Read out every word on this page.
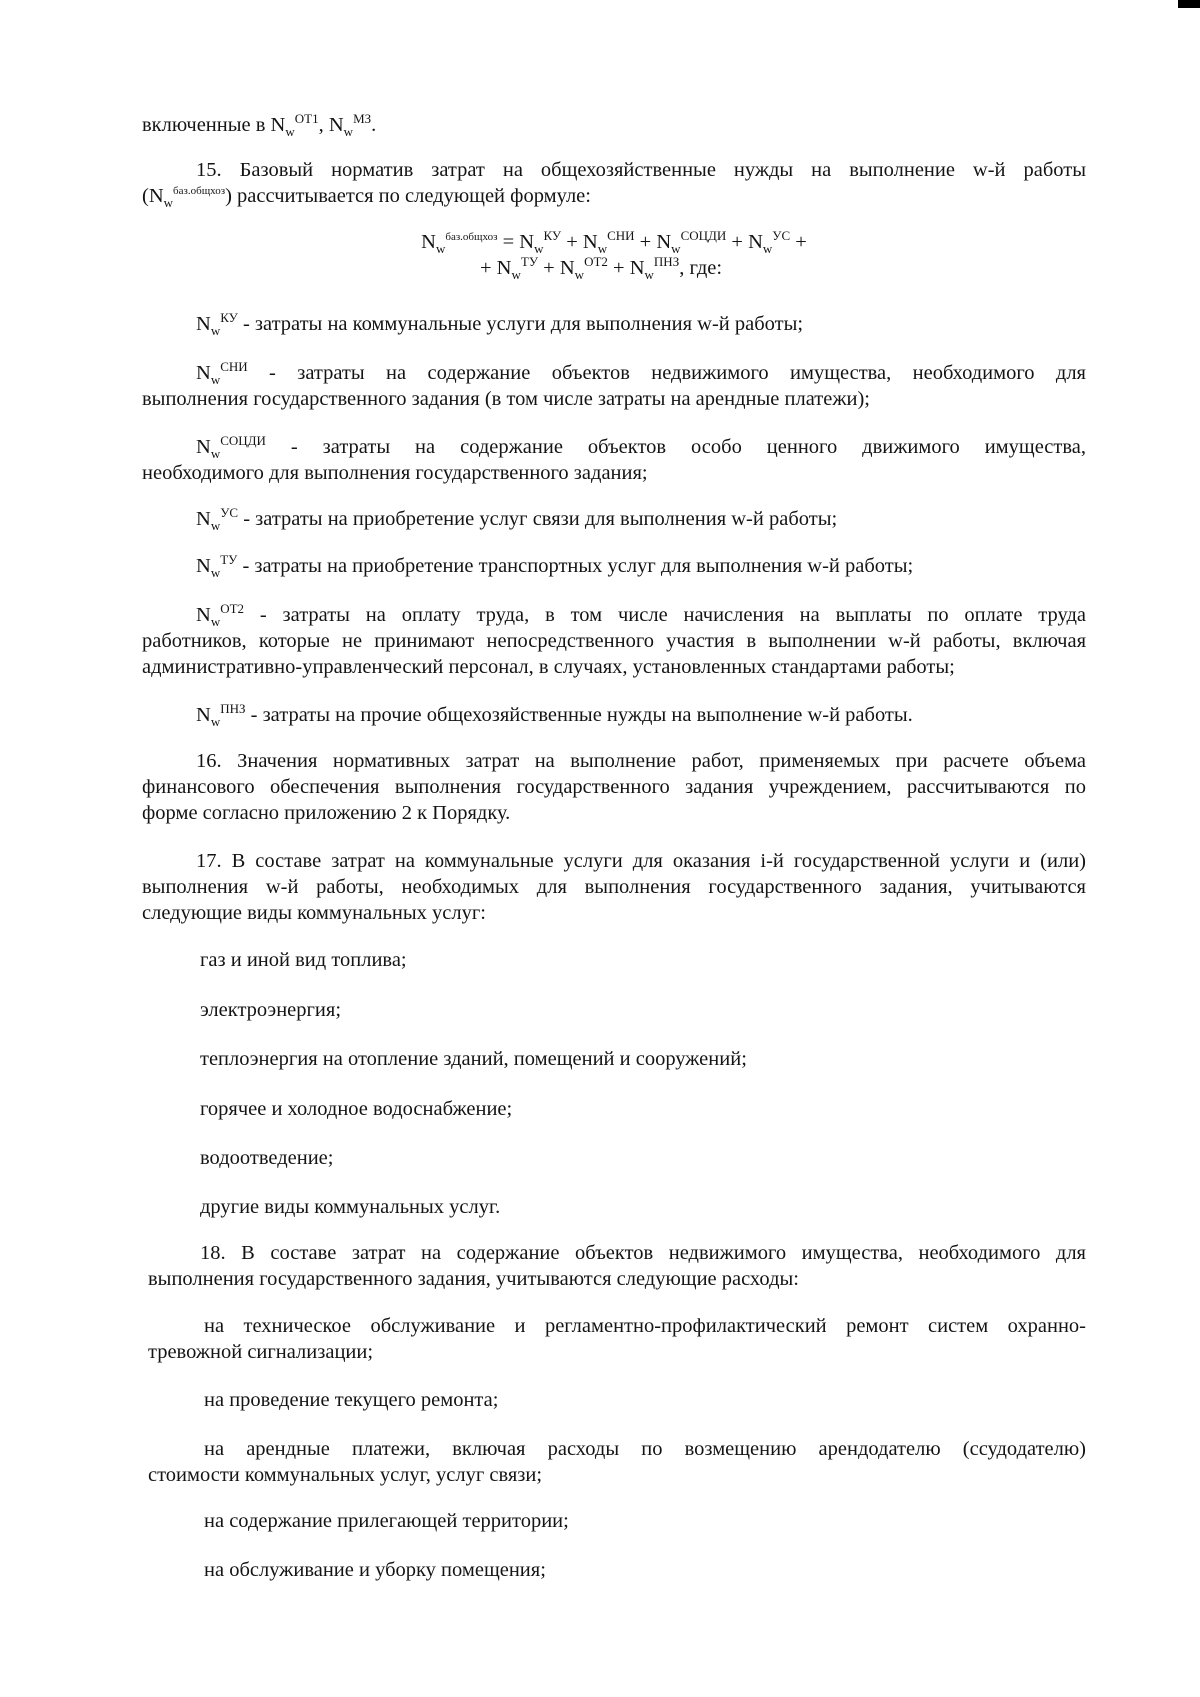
включенные в $N_w^{ОТ1}$, $N_w^{МЗ}$.
15. Базовый норматив затрат на общехозяйственные нужды на выполнение w-й работы
$(N_w^{баз.общхоз})$ рассчитывается по следующей формуле:
$N_w^{баз.общхоз} = N_w^{КУ} + N_w^{СНИ} + N_w^{СОЦДИ} + N_w^{УС}$ +
+ $N_w^{ТУ} + N_w^{ОТ2} + N_w^{ПНЗ}$, где:
$N_w^{КУ}$ - затраты на коммунальные услуги для выполнения w-й работы;
$N_w^{СНИ}$ - затраты на содержание объектов недвижимого имущества, необходимого для
выполнения государственного задания (в том числе затраты на арендные платежи);
$N_w^{СОЦДИ}$ - затраты на содержание объектов особо ценного движимого имущества,
необходимого для выполнения государственного задания;
$N_w^{УС}$ - затраты на приобретение услуг связи для выполнения w-й работы;
$N_w^{ТУ}$ - затраты на приобретение транспортных услуг для выполнения w-й работы;
$N_w^{ОТ2}$ - затраты на оплату труда, в том числе начисления на выплаты по оплате труда
работников, которые не принимают непосредственного участия в выполнении w-й работы, включая
административно-управленческий персонал, в случаях, установленных стандартами работы;
$N_w^{ПНЗ}$ - затраты на прочие общехозяйственные нужды на выполнение w-й работы.
16. Значения нормативных затрат на выполнение работ, применяемых при расчете объема
финансового обеспечения выполнения государственного задания учреждением, рассчитываются по
форме согласно приложению 2 к Порядку.
17. В составе затрат на коммунальные услуги для оказания i-й государственной услуги и (или)
выполнения w-й работы, необходимых для выполнения государственного задания, учитываются
следующие виды коммунальных услуг:
газ и иной вид топлива;
электроэнергия;
теплоэнергия на отопление зданий, помещений и сооружений;
горячее и холодное водоснабжение;
водоотведение;
другие виды коммунальных услуг.
18. В составе затрат на содержание объектов недвижимого имущества, необходимого для
выполнения государственного задания, учитываются следующие расходы:
на техническое обслуживание и регламентно-профилактический ремонт систем охранно-
тревожной сигнализации;
на проведение текущего ремонта;
на арендные платежи, включая расходы по возмещению арендодателю (ссудодателю)
стоимости коммунальных услуг, услуг связи;
на содержание прилегающей территории;
на обслуживание и уборку помещения;
